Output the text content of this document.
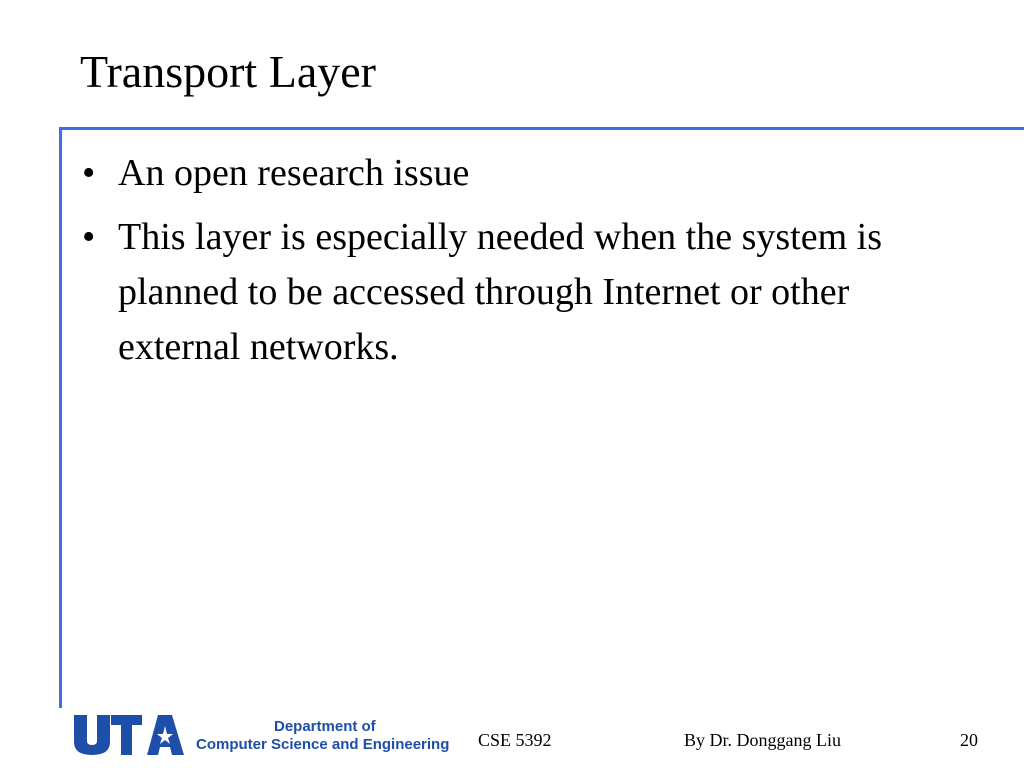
Transport Layer
• An open research issue
• This layer is especially needed when the system is planned to be accessed through Internet or other external networks.
Department of
Computer Science and Engineering CSE 5392	By Dr. Donggang Liu	20
